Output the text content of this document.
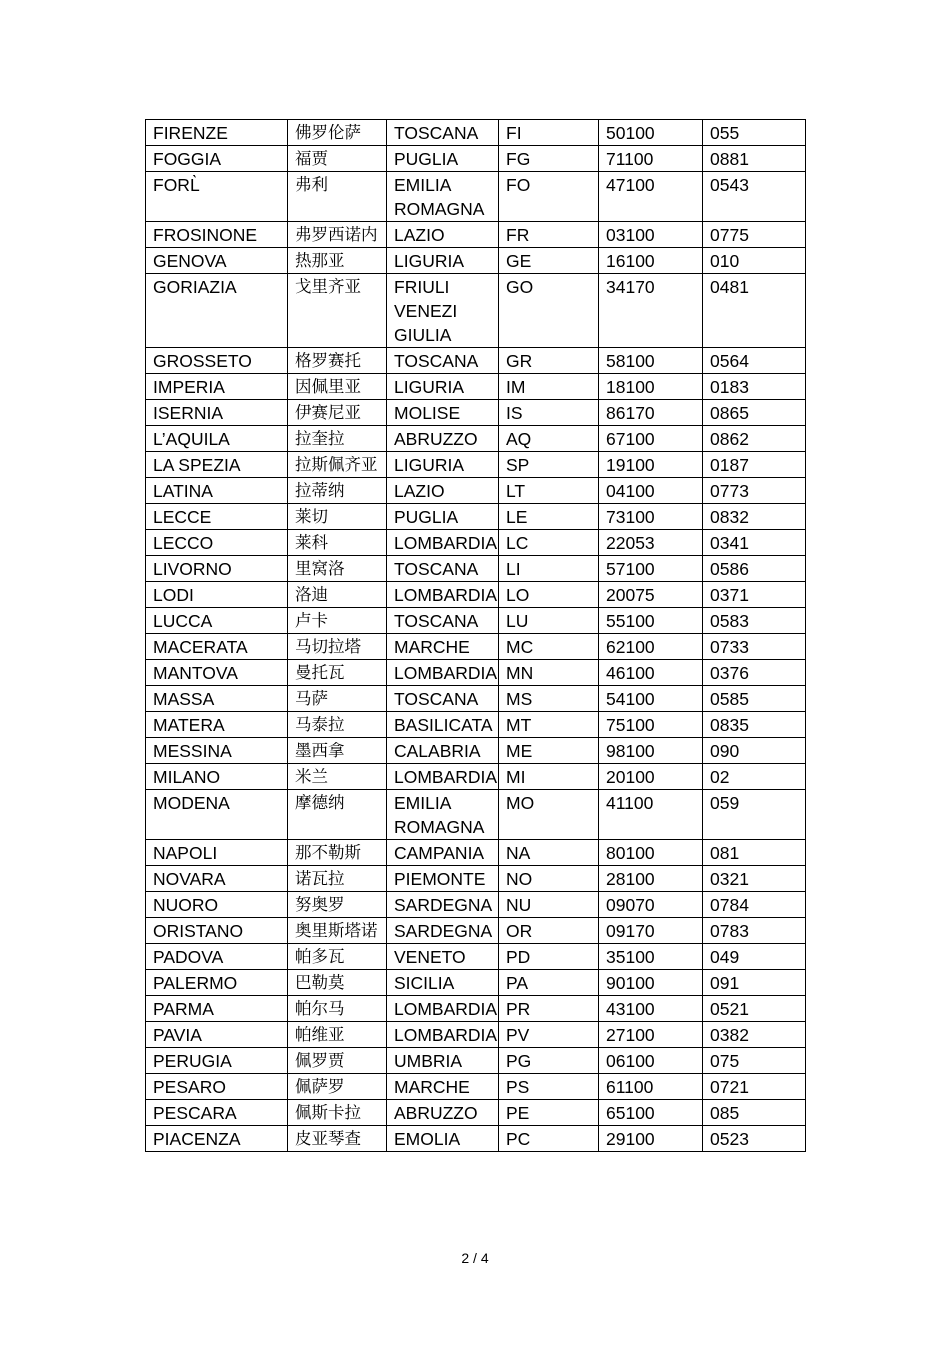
FIRENZE	佛罗伦萨	TOSCANA	FI	50100	055
FOGGIA	福贾	PUGLIA	FG	71100	0881
FORL̀	弗利	EMILIA ROMAGNA	FO	47100	0543
FROSINONE	弗罗西诺内	LAZIO	FR	03100	0775
GENOVA	热那亚	LIGURIA	GE	16100	010
GORIAZIA	戈里齐亚	FRIULI VENEZI GIULIA	GO	34170	0481
GROSSETO	格罗赛托	TOSCANA	GR	58100	0564
IMPERIA	因佩里亚	LIGURIA	IM	18100	0183
ISERNIA	伊赛尼亚	MOLISE	IS	86170	0865
L’AQUILA	拉奎拉	ABRUZZO	AQ	67100	0862
LA SPEZIA	拉斯佩齐亚	LIGURIA	SP	19100	0187
LATINA	拉蒂纳	LAZIO	LT	04100	0773
LECCE	莱切	PUGLIA	LE	73100	0832
LECCO	莱科	LOMBARDIA	LC	22053	0341
LIVORNO	里窝洛	TOSCANA	LI	57100	0586
LODI	洛迪	LOMBARDIA	LO	20075	0371
LUCCA	卢卡	TOSCANA	LU	55100	0583
MACERATA	马切拉塔	MARCHE	MC	62100	0733
MANTOVA	曼托瓦	LOMBARDIA	MN	46100	0376
MASSA	马萨	TOSCANA	MS	54100	0585
MATERA	马泰拉	BASILICATA	MT	75100	0835
MESSINA	墨西拿	CALABRIA	ME	98100	090
MILANO	米兰	LOMBARDIA	MI	20100	02
MODENA	摩德纳	EMILIA ROMAGNA	MO	41100	059
NAPOLI	那不勒斯	CAMPANIA	NA	80100	081
NOVARA	诺瓦拉	PIEMONTE	NO	28100	0321
NUORO	努奥罗	SARDEGNA	NU	09070	0784
ORISTANO	奥里斯塔诺	SARDEGNA	OR	09170	0783
PADOVA	帕多瓦	VENETO	PD	35100	049
PALERMO	巴勒莫	SICILIA	PA	90100	091
PARMA	帕尔马	LOMBARDIA	PR	43100	0521
PAVIA	帕维亚	LOMBARDIA	PV	27100	0382
PERUGIA	佩罗贾	UMBRIA	PG	06100	075
PESARO	佩萨罗	MARCHE	PS	61100	0721
PESCARA	佩斯卡拉	ABRUZZO	PE	65100	085
PIACENZA	皮亚琴查	EMOLIA	PC	29100	0523
2 / 4
